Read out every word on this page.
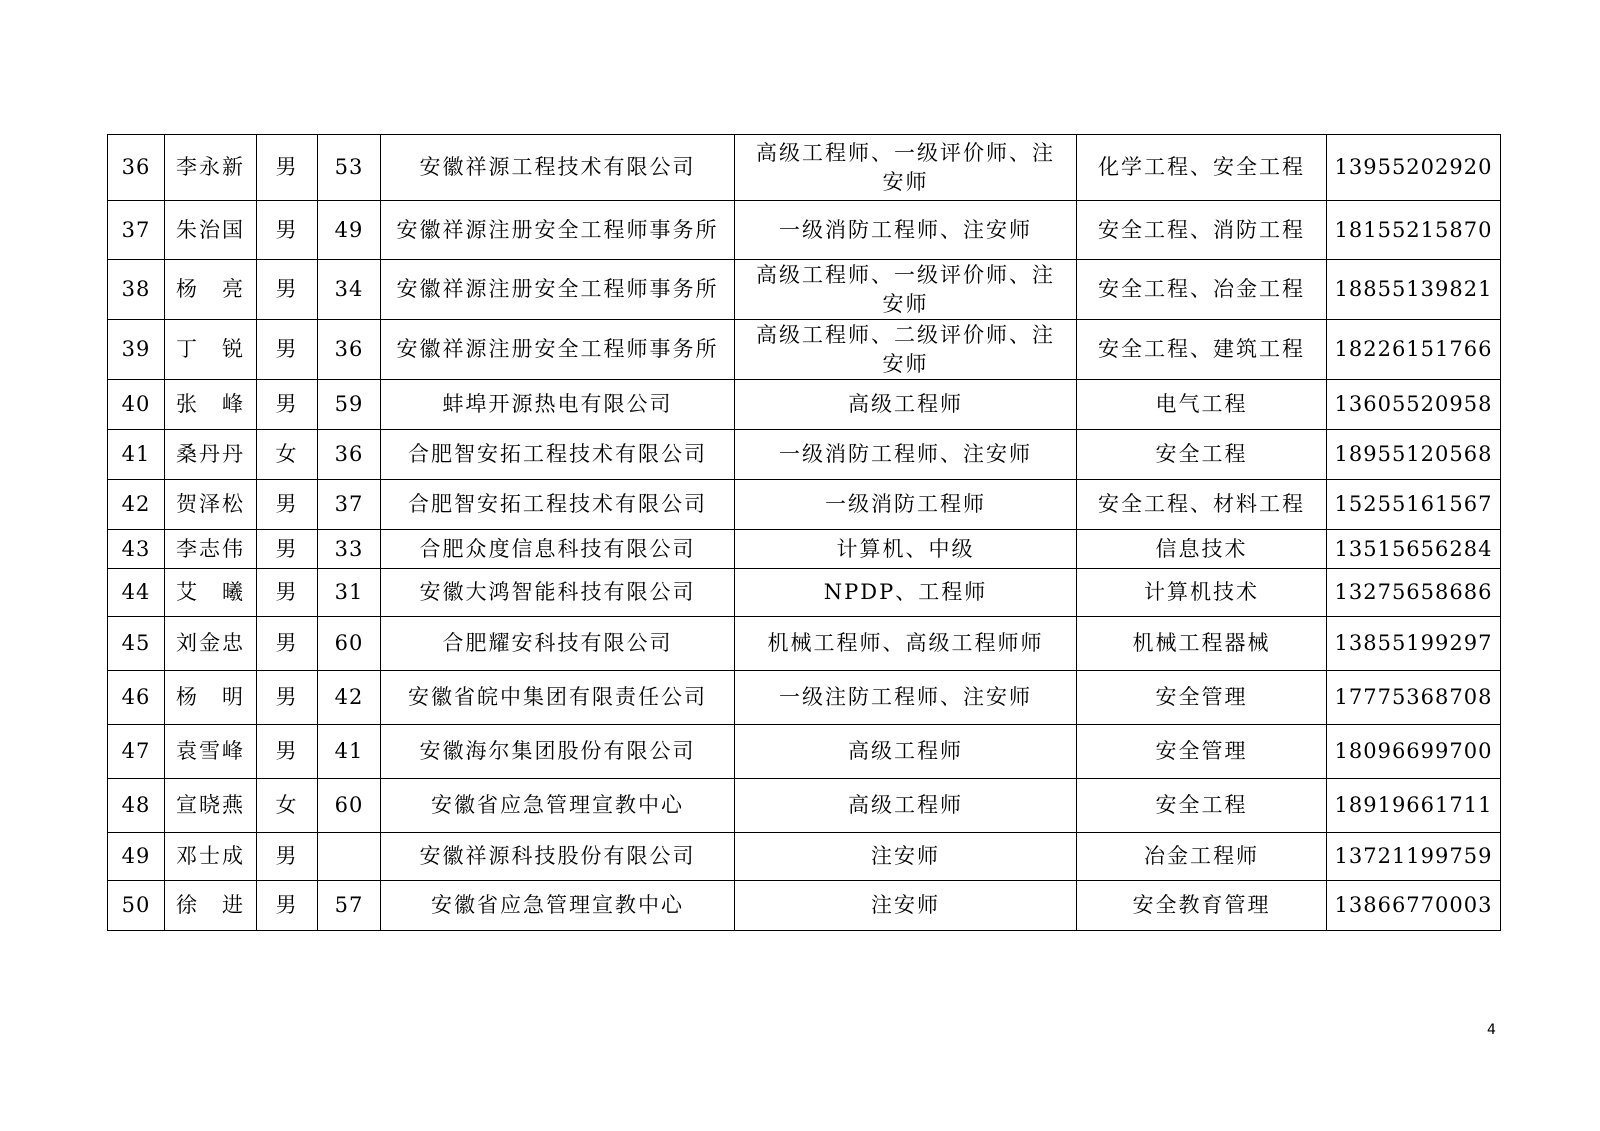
36	李永新	男	53	安徽祥源工程技术有限公司	高级工程师、一级评价师、注安师	化学工程、安全工程	13955202920
37	朱治国	男	49	安徽祥源注册安全工程师事务所	一级消防工程师、注安师	安全工程、消防工程	18155215870
38	杨　亮	男	34	安徽祥源注册安全工程师事务所	高级工程师、一级评价师、注安师	安全工程、冶金工程	18855139821
39	丁　锐	男	36	安徽祥源注册安全工程师事务所	高级工程师、二级评价师、注安师	安全工程、建筑工程	18226151766
40	张　峰	男	59	蚌埠开源热电有限公司	高级工程师	电气工程	13605520958
41	桑丹丹	女	36	合肥智安拓工程技术有限公司	一级消防工程师、注安师	安全工程	18955120568
42	贺泽松	男	37	合肥智安拓工程技术有限公司	一级消防工程师	安全工程、材料工程	15255161567
43	李志伟	男	33	合肥众度信息科技有限公司	计算机、中级	信息技术	13515656284
44	艾　曦	男	31	安徽大鸿智能科技有限公司	NPDP、工程师	计算机技术	13275658686
45	刘金忠	男	60	合肥耀安科技有限公司	机械工程师、高级工程师师	机械工程器械	13855199297
46	杨　明	男	42	安徽省皖中集团有限责任公司	一级注防工程师、注安师	安全管理	17775368708
47	袁雪峰	男	41	安徽海尔集团股份有限公司	高级工程师	安全管理	18096699700
48	宣晓燕	女	60	安徽省应急管理宣教中心	高级工程师	安全工程	18919661711
49	邓士成	男		安徽祥源科技股份有限公司	注安师	冶金工程师	13721199759
50	徐　进	男	57	安徽省应急管理宣教中心	注安师	安全教育管理	13866770003
4
